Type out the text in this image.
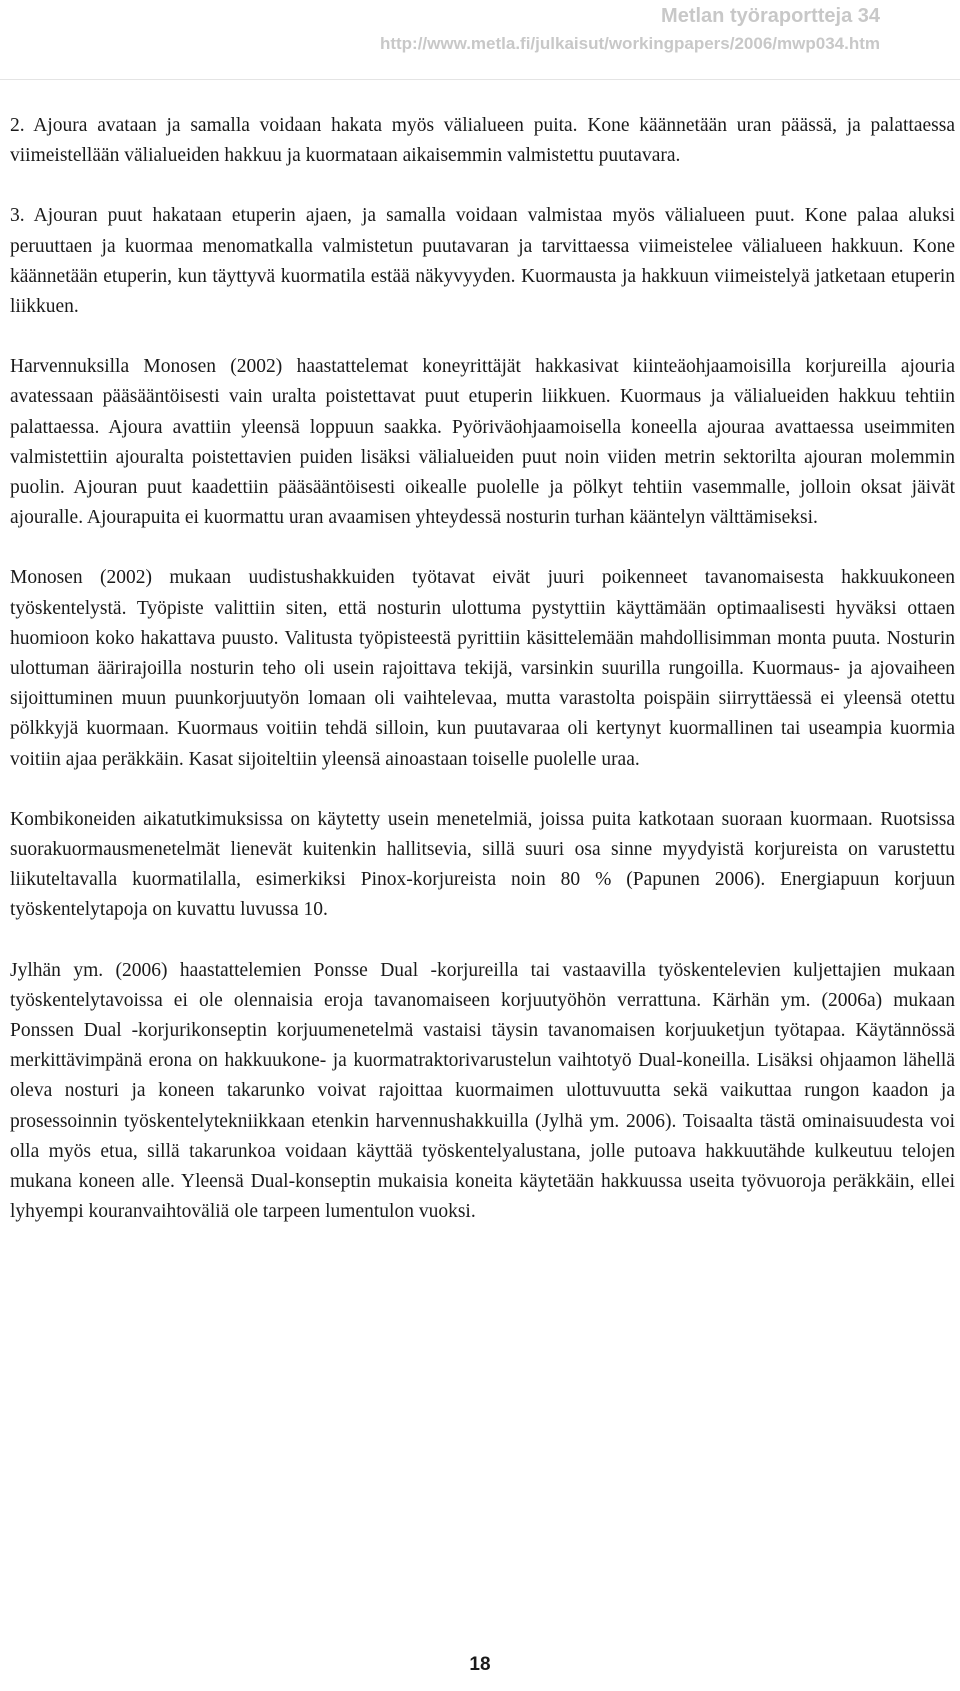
Metlan työraportteja 34
http://www.metla.fi/julkaisut/workingpapers/2006/mwp034.htm

2. Ajoura avataan ja samalla voidaan hakata myös välialueen puita. Kone käännetään uran päässä, ja palattaessa viimeistellään välialueiden hakkuu ja kuormataan aikaisemmin valmistettu puutavara.

3. Ajouran puut hakataan etuperin ajaen, ja samalla voidaan valmistaa myös välialueen puut. Kone palaa aluksi peruuttaen ja kuormaa menomatkalla valmistetun puutavaran ja tarvittaessa viimeistelee välialueen hakkuun. Kone käännetään etuperin, kun täyttyvä kuormatila estää näkyvyyden. Kuormausta ja hakkuun viimeistelyä jatketaan etuperin liikkuen.

Harvennuksilla Monosen (2002) haastattelemat koneyrittäjät hakkasivat kiinteäohjaamoisilla korjureilla ajouria avatessaan pääsääntöisesti vain uralta poistettavat puut etuperin liikkuen. Kuormaus ja välialueiden hakkuu tehtiin palattaessa. Ajoura avattiin yleensä loppuun saakka. Pyöriväohjaamoisella koneella ajouraa avattaessa useimmiten valmistettiin ajouralta poistettavien puiden lisäksi välialueiden puut noin viiden metrin sektorilta ajouran molemmin puolin. Ajouran puut kaadettiin pääsääntöisesti oikealle puolelle ja pölkyt tehtiin vasemmalle, jolloin oksat jäivät ajouralle. Ajourapuita ei kuormattu uran avaamisen yhteydessä nosturin turhan kääntelyn välttämiseksi.

Monosen (2002) mukaan uudistushakkuiden työtavat eivät juuri poikenneet tavanomaisesta hakkuukoneen työskentelystä. Työpiste valittiin siten, että nosturin ulottuma pystyttiin käyttämään optimaalisesti hyväksi ottaen huomioon koko hakattava puusto. Valitusta työpisteestä pyrittiin käsittelemään mahdollisimman monta puuta. Nosturin ulottuman äärirajoilla nosturin teho oli usein rajoittava tekijä, varsinkin suurilla rungoilla. Kuormaus- ja ajovaiheen sijoittuminen muun puunkorjuutyön lomaan oli vaihtelevaa, mutta varastolta poispäin siirryttäessä ei yleensä otettu pölkkyjä kuormaan. Kuormaus voitiin tehdä silloin, kun puutavaraa oli kertynyt kuormallinen tai useampia kuormia voitiin ajaa peräkkäin. Kasat sijoiteltiin yleensä ainoastaan toiselle puolelle uraa.

Kombikoneiden aikatutkimuksissa on käytetty usein menetelmiä, joissa puita katkotaan suoraan kuormaan. Ruotsissa suorakuormausmenetelmät lienevät kuitenkin hallitsevia, sillä suuri osa sinne myydyistä korjureista on varustettu liikuteltavalla kuormatilalla, esimerkiksi Pinox-korjureista noin 80 % (Papunen 2006). Energiapuun korjuun työskentelytapoja on kuvattu luvussa 10.

Jylhän ym. (2006) haastattelemien Ponsse Dual -korjureilla tai vastaavilla työskentelevien kuljettajien mukaan työskentelytavoissa ei ole olennaisia eroja tavanomaiseen korjuutyöhön verrattuna. Kärhän ym. (2006a) mukaan Ponssen Dual -korjurikonseptin korjuumenetelmä vastaisi täysin tavanomaisen korjuuketjun työtapaa. Käytännössä merkittävimpänä erona on hakkuukone- ja kuormatraktorivarustelun vaihtotyö Dual-koneilla. Lisäksi ohjaamon lähellä oleva nosturi ja koneen takarunko voivat rajoittaa kuormaimen ulottuvuutta sekä vaikuttaa rungon kaadon ja prosessoinnin työskentelytekniikkaan etenkin harvennushakkuilla (Jylhä ym. 2006). Toisaalta tästä ominaisuudesta voi olla myös etua, sillä takarunkoa voidaan käyttää työskentelyalustana, jolle putoava hakkuutähde kulkeutuu telojen mukana koneen alle. Yleensä Dual-konseptin mukaisia koneita käytetään hakkuussa useita työvuoroja peräkkäin, ellei lyhyempi kouranvaihtoväliä ole tarpeen lumentulon vuoksi.

18
